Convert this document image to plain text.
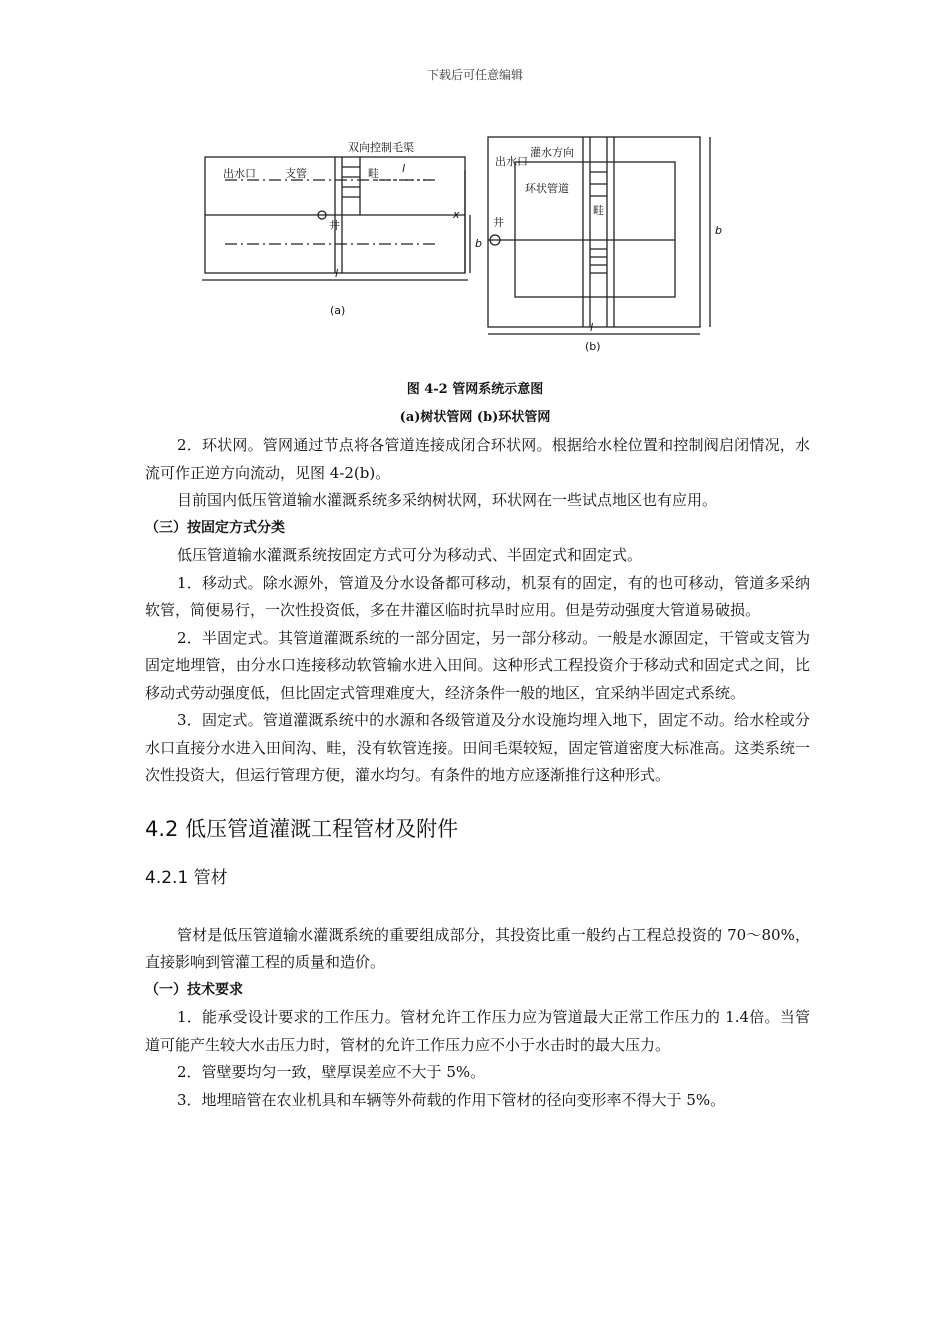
下载后可任意编辑
出水口	支管
双向控制毛渠
畦
井
l
x
b
l
(a)
出水口
灌水方向
环状管道
畦
井
b
l
(b)
图 4-2 管网系统示意图
(a)树状管网 (b)环状管网

2．环状网。管网通过节点将各管道连接成闭合环状网。根据给水栓位置和控制阀启闭情况，水流可作正逆方向流动，见图 4-2(b)。

目前国内低压管道输水灌溉系统多采纳树状网，环状网在一些试点地区也有应用。

（三）按固定方式分类

低压管道输水灌溉系统按固定方式可分为移动式、半固定式和固定式。

1．移动式。除水源外，管道及分水设备都可移动，机泵有的固定，有的也可移动，管道多采纳软管，简便易行，一次性投资低，多在井灌区临时抗旱时应用。但是劳动强度大管道易破损。

2．半固定式。其管道灌溉系统的一部分固定，另一部分移动。一般是水源固定，干管或支管为固定地埋管，由分水口连接移动软管输水进入田间。这种形式工程投资介于移动式和固定式之间，比移动式劳动强度低，但比固定式管理难度大，经济条件一般的地区，宜采纳半固定式系统。

3．固定式。管道灌溉系统中的水源和各级管道及分水设施均埋入地下，固定不动。给水栓或分水口直接分水进入田间沟、畦，没有软管连接。田间毛渠较短，固定管道密度大标准高。这类系统一次性投资大，但运行管理方便，灌水均匀。有条件的地方应逐渐推行这种形式。

4.2 低压管道灌溉工程管材及附件
4.2.1 管材

管材是低压管道输水灌溉系统的重要组成部分，其投资比重一般约占工程总投资的 70～80%，直接影响到管灌工程的质量和造价。

（一）技术要求

1．能承受设计要求的工作压力。管材允许工作压力应为管道最大正常工作压力的 1.4倍。当管道可能产生较大水击压力时，管材的允许工作压力应不小于水击时的最大压力。

2．管壁要均匀一致，壁厚误差应不大于 5%。

3．地埋暗管在农业机具和车辆等外荷载的作用下管材的径向变形率不得大于 5%。
